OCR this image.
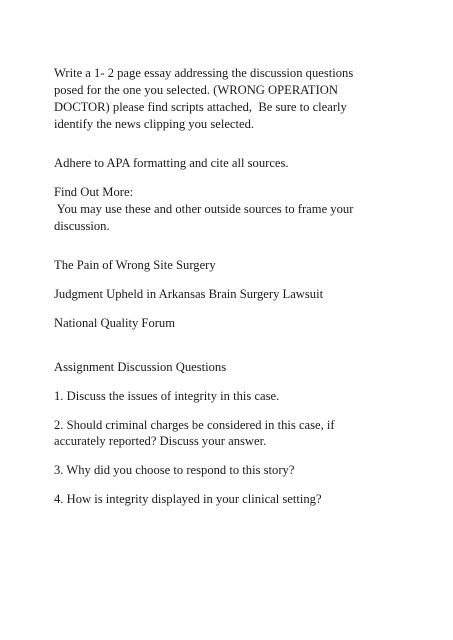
Write a 1- 2 page essay addressing the discussion questions

posed for the one you selected. (WRONG OPERATION

DOCTOR) please find scripts attached,  Be sure to clearly

identify the news clipping you selected.

Adhere to APA formatting and cite all sources.

Find Out More:

You may use these and other outside sources to frame your

discussion.

The Pain of Wrong Site Surgery

Judgment Upheld in Arkansas Brain Surgery Lawsuit

National Quality Forum

Assignment Discussion Questions

1. Discuss the issues of integrity in this case.

2. Should criminal charges be considered in this case, if

accurately reported? Discuss your answer.

3. Why did you choose to respond to this story?

4. How is integrity displayed in your clinical setting?
